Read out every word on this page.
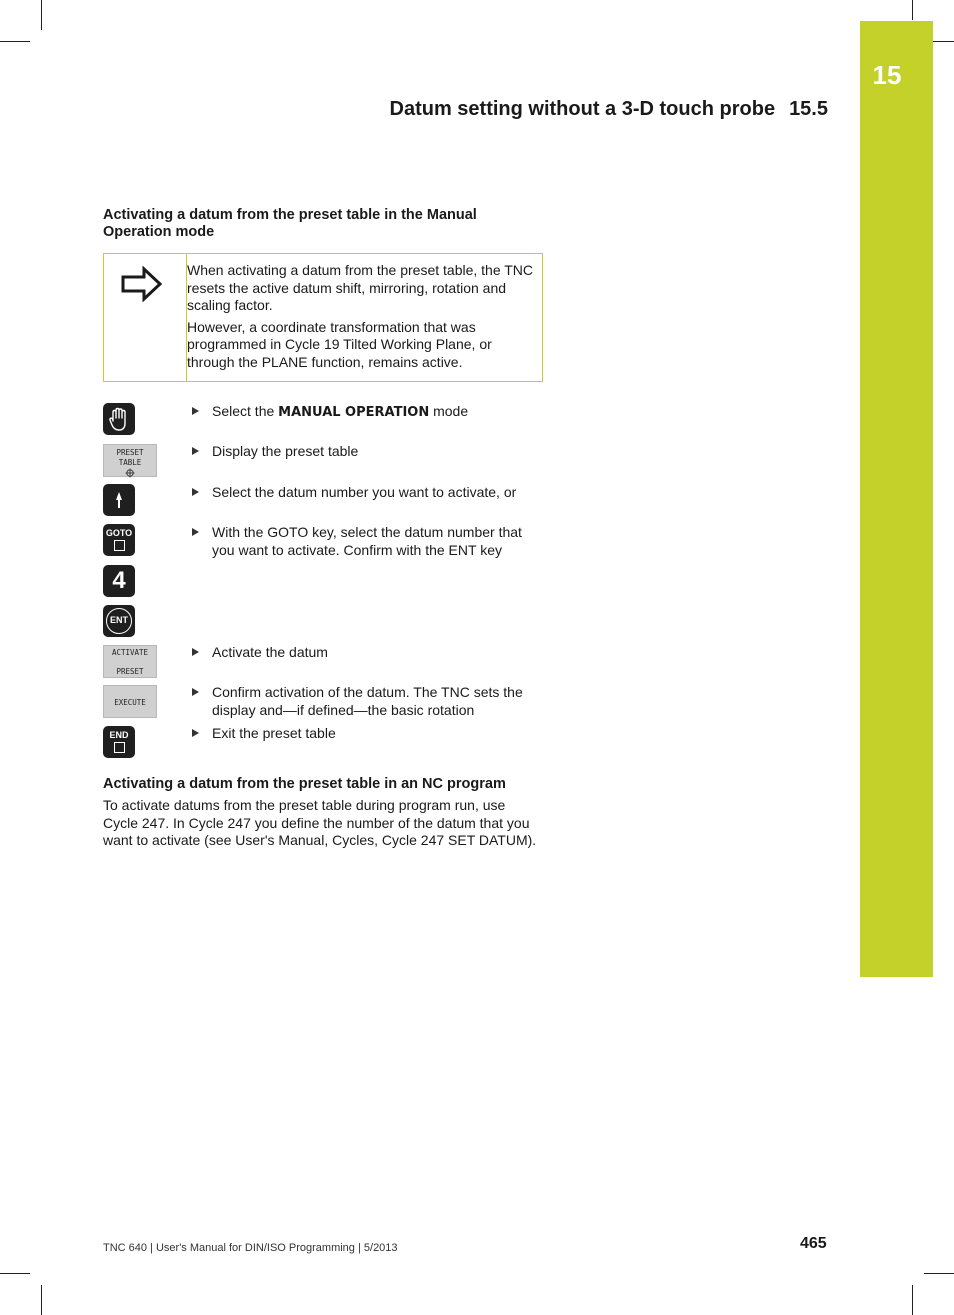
15
Datum setting without a 3-D touch probe 15.5
Activating a datum from the preset table in the Manual
Operation mode

When activating a datum from the preset table, the TNC resets the active datum shift, mirroring, rotation and scaling factor.

However, a coordinate transformation that was programmed in Cycle 19 Tilted Working Plane, or through the PLANE function, remains active.

Select the MANUAL OPERATION mode
PRESET
TABLE
Display the preset table
Select the datum number you want to activate, or
GOTO	With the GOTO key, select the datum number that you want to activate. Confirm with the ENT key
4
ENT
ACTIVATE
PRESET
Activate the datum
EXECUTE
Confirm activation of the datum. The TNC sets the display and—if defined—the basic rotation
END	Exit the preset table
Activating a datum from the preset table in an NC program
To activate datums from the preset table during program run, use Cycle 247. In Cycle 247 you define the number of the datum that you want to activate (see User's Manual, Cycles, Cycle 247 SET DATUM).
TNC 640 | User's Manual for DIN/ISO Programming | 5/2013	465
